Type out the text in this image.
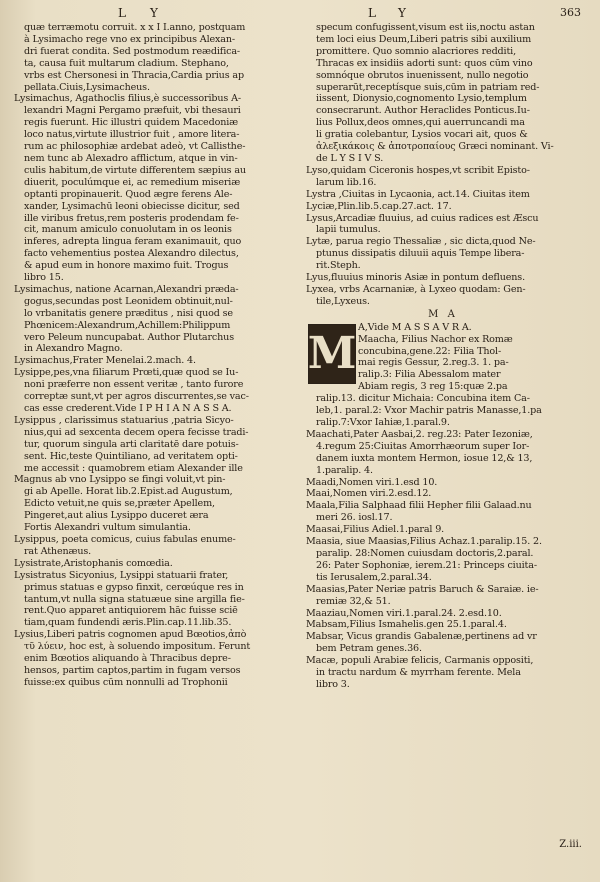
L Y	L Y	363
quæ terræmotu corruit. x x I I.anno, postquam
à Lysimacho rege vno ex principibus Alexan-
dri fuerat condita. Sed postmodum reædifica-
ta, causa fuit multarum cladium. Stephano,
vrbs est Chersonesi in Thracia,Cardia prius ap
pellata.Ciuis,Lysimacheus.
Lysimachus, Agathoclis filius,è successoribus A-
lexandri Magni Pergamo præfuit, vbi thesauri
regis fuerunt. Hic illustri quidem Macedoniæ
loco natus,virtute illustrior fuit , amore litera-
rum ac philosophiæ ardebat adeò, vt Callisthe-
nem tunc ab Alexadro afflictum, atque in vin-
culis habitum,de virtute differentem sæpius au
diuerit, poculúmque ei, ac remedium miseriæ
optanti propinauerit. Quod ægre ferens Ale-
xander, Lysimachū leoni obiecisse dicitur, sed
ille viribus fretus,rem posteris prodendam fe-
cit, manum amiculo conuolutam in os leonis
inferes, adrepta lingua feram exanimauit, quo
facto vehementius postea Alexandro dilectus,
& apud eum in honore maximo fuit. Trogus
libro 15.
Lysimachus, natione Acarnan,Alexandri præda-
gogus,secundas post Leonidem obtinuit,nul-
lo vrbanitatis genere præditus , nisi quod se
Phœnicem:Alexandrum,Achillem:Philippum
vero Peleum nuncupabat. Author Plutarchus
in Alexandro Magno.
Lysimachus,Frater Menelai.2.mach. 4.
Lysippe,pes,vna filiarum Prœti,quæ quod se Iu-
noni præferre non essent veritæ , tanto furore
correptæ sunt,vt per agros discurrentes,se vac-
cas esse crederent.Vide I P H I A N A S S A.
Lysippus , clarissimus statuarius ,patria Sicyo-
nius,qui ad sexcenta decem opera fecisse tradi-
tur, quorum singula arti claritatē dare potuis-
sent. Hic,teste Quintiliano, ad veritatem opti-
me accessit : quamobrem etiam Alexander ille
Magnus ab vno Lysippo se fingi voluit,vt pin-
gi ab Apelle. Horat lib.2.Epist.ad Augustum,
Edicto vetuit,ne quis se,præter Apellem,
Pingeret,aut alius Lysippo duceret æra
Fortis Alexandri vultum simulantia.
Lysippus, poeta comicus, cuius fabulas enume-
rat Athenæus.
Lysistrate,Aristophanis comœdia.
Lysistratus Sicyonius, Lysippi statuarii frater,
primus statuas e gypso finxit, cerœúque res in
tantum,vt nulla signa statuæue sine argilla fie-
rent.Quo apparet antiquiorem hāc fuisse sciē
tiam,quam fundendi æris.Plin.cap.11.lib.35.
Lysius,Liberi patris cognomen apud Bœotios,ἀπὸ
τῦ λύειν, hoc est, à soluendo impositum. Ferunt
enim Bœotios aliquando à Thracibus depre-
hensos, partim captos,partim in fugam versos
fuisse:ex quibus cūm nonnulli ad Trophonii
specum confugissent,visum est iis,noctu astan
tem loci eius Deum,Liberi patris sibi auxilium
promittere. Quo somnio alacriores redditi,
Thracas ex insidiis adorti sunt: quos cūm vino
somnóque obrutos inuenissent, nullo negotio
superarūt,receptísque suis,cūm in patriam red-
iissent, Dionysio,cognomento Lysio,templum
consecrarunt. Author Heraclides Ponticus.Iu-
lius Pollux,deos omnes,qui auerruncandi ma
li gratia colebantur, Lysios vocari ait, quos &
ἀλεξικάκοις & ἀποτροπαίους Græci nominant. Vi-
de L Y S I V S.
Lyso,quidam Ciceronis hospes,vt scribit Episto-
larum lib.16.
Lystra ,Ciuitas in Lycaonia, act.14. Ciuitas item
Lyciæ,Plin.lib.5.cap.27.act. 17.
Lysus,Arcadiæ fluuius, ad cuius radices est Æscu
lapii tumulus.
Lytæ, parua regio Thessaliæ , sic dicta,quod Ne-
ptunus dissipatis diluuii aquis Tempe libera-
rit.Steph.
Lyus,fluuius minoris Asiæ in pontum defluens.
Lyxea, vrbs Acarnaniæ, à Lyxeo quodam: Gen-
tile,Lyxeus.
M A
M
A,Vide M A S S A V R A.
Maacha, Filius Nachor ex Romæ
concubina,gene.22: Filia Thol-
mai regis Gessur, 2.reg.3. 1. pa-
ralip.3: Filia Abessalom mater
Abiam regis, 3 reg 15:quæ 2.pa
ralip.13. dicitur Michaia: Concubina item Ca-
leb,1. paral.2: Vxor Machir patris Manasse,1.pa
ralip.7:Vxor Iahiæ,1.paral.9.
Maachati,Pater Aasbai,2. reg.23: Pater Iezoniæ,
4.regum 25:Ciuitas Amorrhæorum super Ior-
danem iuxta montem Hermon, iosue 12,& 13,
1.paralip. 4.
Maadi,Nomen viri.1.esd 10.
Maai,Nomen viri.2.esd.12.
Maala,Filia Salphaad filii Hepher filii Galaad.nu
meri 26. iosl.17.
Maasai,Filius Adiel.1.paral 9.
Maasia, siue Maasias,Filius Achaz.1.paralip.15. 2.
paralip. 28:Nomen cuiusdam doctoris,2.paral.
26: Pater Sophoniæ, ierem.21: Princeps ciuita-
tis Ierusalem,2.paral.34.
Maasias,Pater Neriæ patris Baruch & Saraiæ. ie-
remiæ 32,& 51.
Maaziau,Nomen viri.1.paral.24. 2.esd.10.
Mabsam,Filius Ismahelis.gen 25.1.paral.4.
Mabsar, Vicus grandis Gabalenæ,pertinens ad vr
bem Petram genes.36.
Macæ, populi Arabiæ felicis, Carmanis oppositi,
in tractu nardum & myrrham ferente. Mela
libro 3.
Z.iii.
